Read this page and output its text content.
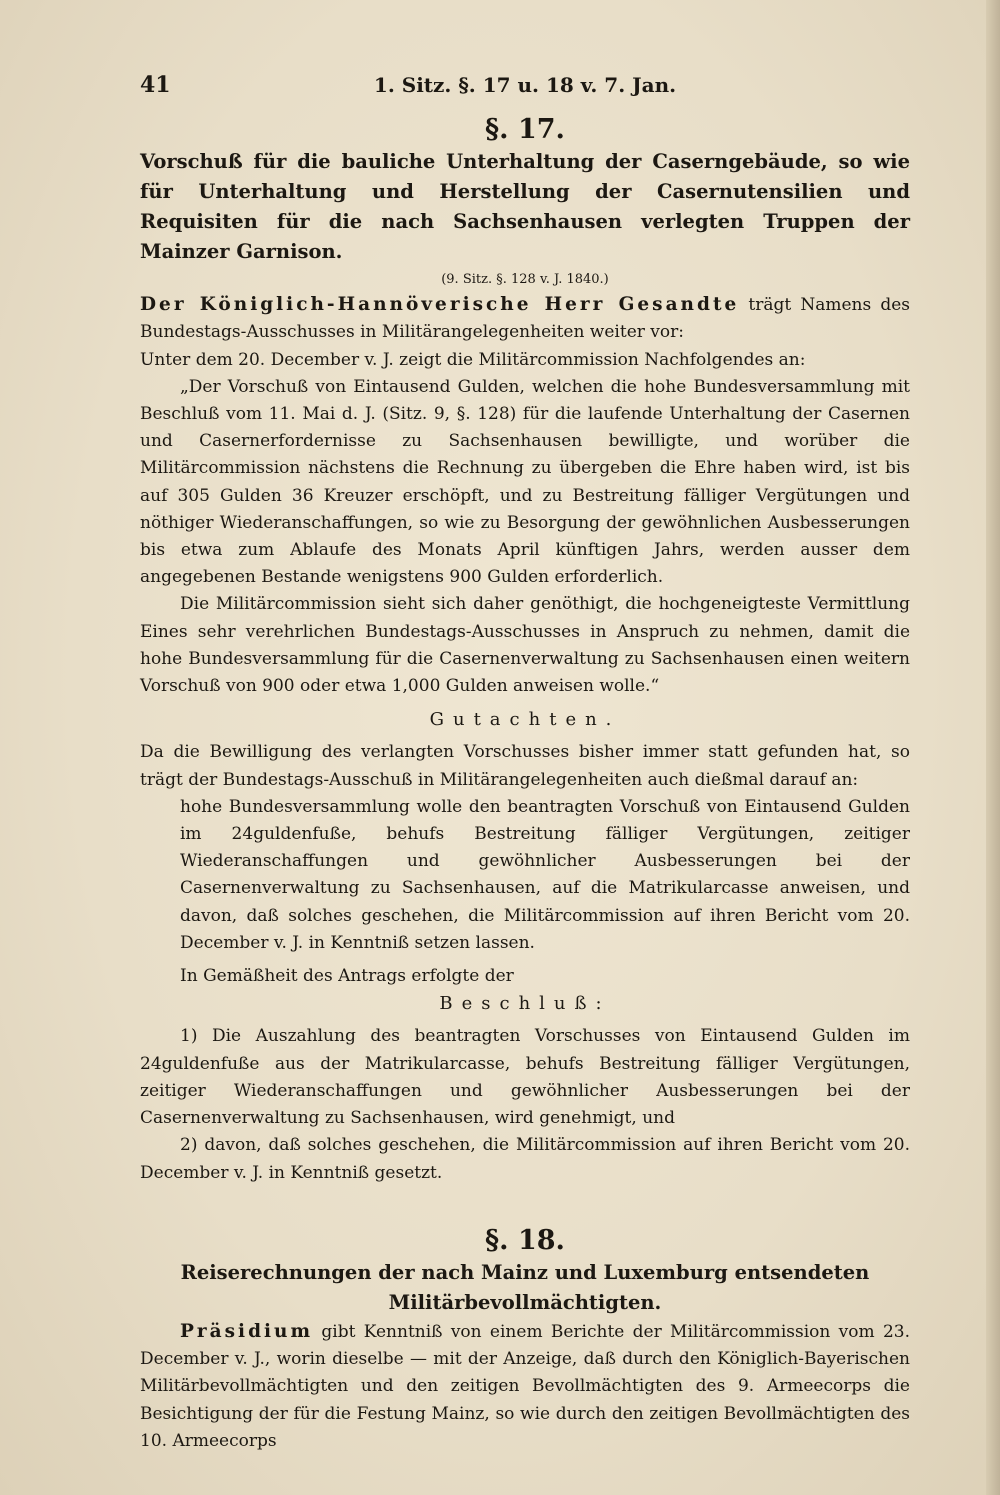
41	1. Sitz. §. 17 u. 18 v. 7. Jan.
§. 17.

Vorschuß für die bauliche Unterhaltung der Caserngebäude, so wie für Unterhaltung und Herstellung der Casernutensilien und Requisiten für die nach Sachsenhausen verlegten Truppen der Mainzer Garnison.

(9. Sitz. §. 128 v. J. 1840.)

Der Königlich-Hannöverische Herr Gesandte trägt Namens des Bundestags-Ausschusses in Militärangelegenheiten weiter vor:

Unter dem 20. December v. J. zeigt die Militärcommission Nachfolgendes an:

„Der Vorschuß von Eintausend Gulden, welchen die hohe Bundesversammlung mit Beschluß vom 11. Mai d. J. (Sitz. 9, §. 128) für die laufende Unterhaltung der Casernen und Casernerfordernisse zu Sachsenhausen bewilligte, und worüber die Militärcommission nächstens die Rechnung zu übergeben die Ehre haben wird, ist bis auf 305 Gulden 36 Kreuzer erschöpft, und zu Bestreitung fälliger Vergütungen und nöthiger Wiederanschaffungen, so wie zu Besorgung der gewöhnlichen Ausbesserungen bis etwa zum Ablaufe des Monats April künftigen Jahrs, werden ausser dem angegebenen Bestande wenigstens 900 Gulden erforderlich.

Die Militärcommission sieht sich daher genöthigt, die hochgeneigteste Vermittlung Eines sehr verehrlichen Bundestags-Ausschusses in Anspruch zu nehmen, damit die hohe Bundesversammlung für die Casernenverwaltung zu Sachsenhausen einen weitern Vorschuß von 900 oder etwa 1,000 Gulden anweisen wolle.“

Gutachten.

Da die Bewilligung des verlangten Vorschusses bisher immer statt gefunden hat, so trägt der Bundestags-Ausschuß in Militärangelegenheiten auch dießmal darauf an:

hohe Bundesversammlung wolle den beantragten Vorschuß von Eintausend Gulden im 24guldenfuße, behufs Bestreitung fälliger Vergütungen, zeitiger Wiederanschaffungen und gewöhnlicher Ausbesserungen bei der Casernenverwaltung zu Sachsenhausen, auf die Matrikularcasse anweisen, und davon, daß solches geschehen, die Militärcommission auf ihren Bericht vom 20. December v. J. in Kenntniß setzen lassen.

In Gemäßheit des Antrags erfolgte der

Beschluß:

1) Die Auszahlung des beantragten Vorschusses von Eintausend Gulden im 24guldenfuße aus der Matrikularcasse, behufs Bestreitung fälliger Vergütungen, zeitiger Wiederanschaffungen und gewöhnlicher Ausbesserungen bei der Casernenverwaltung zu Sachsenhausen, wird genehmigt, und

2) davon, daß solches geschehen, die Militärcommission auf ihren Bericht vom 20. December v. J. in Kenntniß gesetzt.

§. 18.

Reiserechnungen der nach Mainz und Luxemburg entsendeten Militärbevollmächtigten.

Präsidium gibt Kenntniß von einem Berichte der Militärcommission vom 23. December v. J., worin dieselbe — mit der Anzeige, daß durch den Königlich-Bayerischen Militärbevollmächtigten und den zeitigen Bevollmächtigten des 9. Armeecorps die Besichtigung der für die Festung Mainz, so wie durch den zeitigen Bevollmächtigten des 10. Armeecorps
